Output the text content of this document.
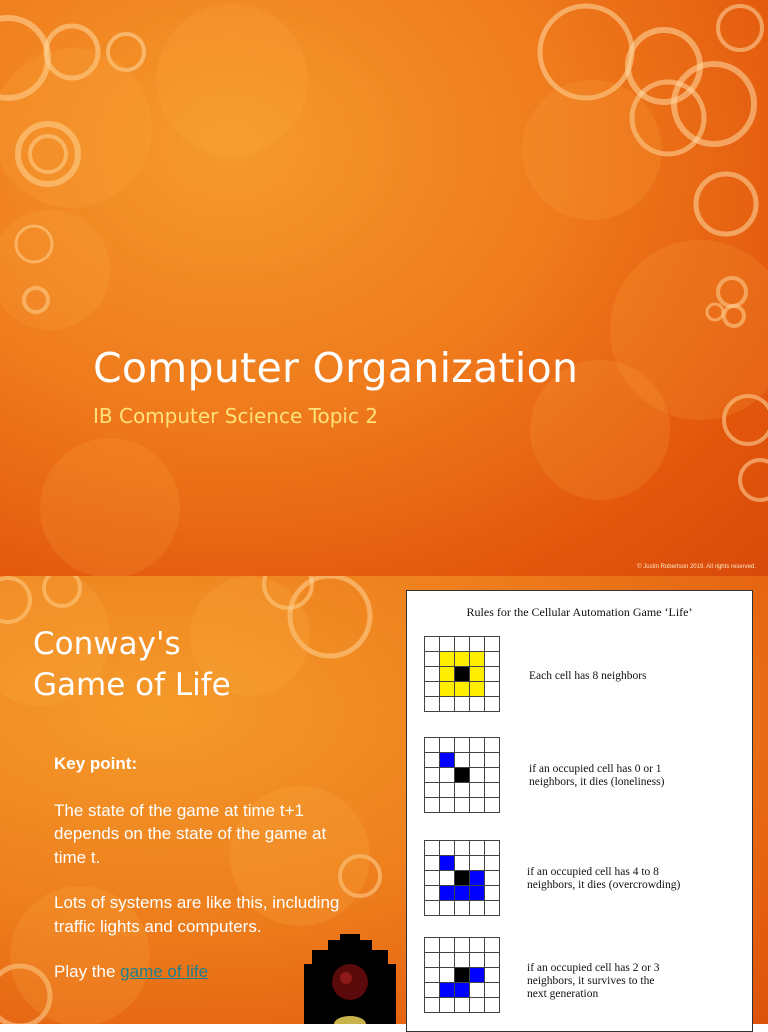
Computer Organization
IB Computer Science Topic 2
© Justin Robertson 2019. All rights reserved.
Conway's
Game of Life
Key point:

The state of the game at time t+1 depends on the state of the game at time t.

Lots of systems are like this, including traffic lights and computers.

Play the game of life

Rules for the Cellular Automation Game ‘Life’
Each cell has 8 neighbors
if an occupied cell has 0 or 1
neighbors, it dies (loneliness)
if an occupied cell has 4 to 8
neighbors, it dies (overcrowding)
if an occupied cell has 2 or 3
neighbors, it survives to the
next generation
